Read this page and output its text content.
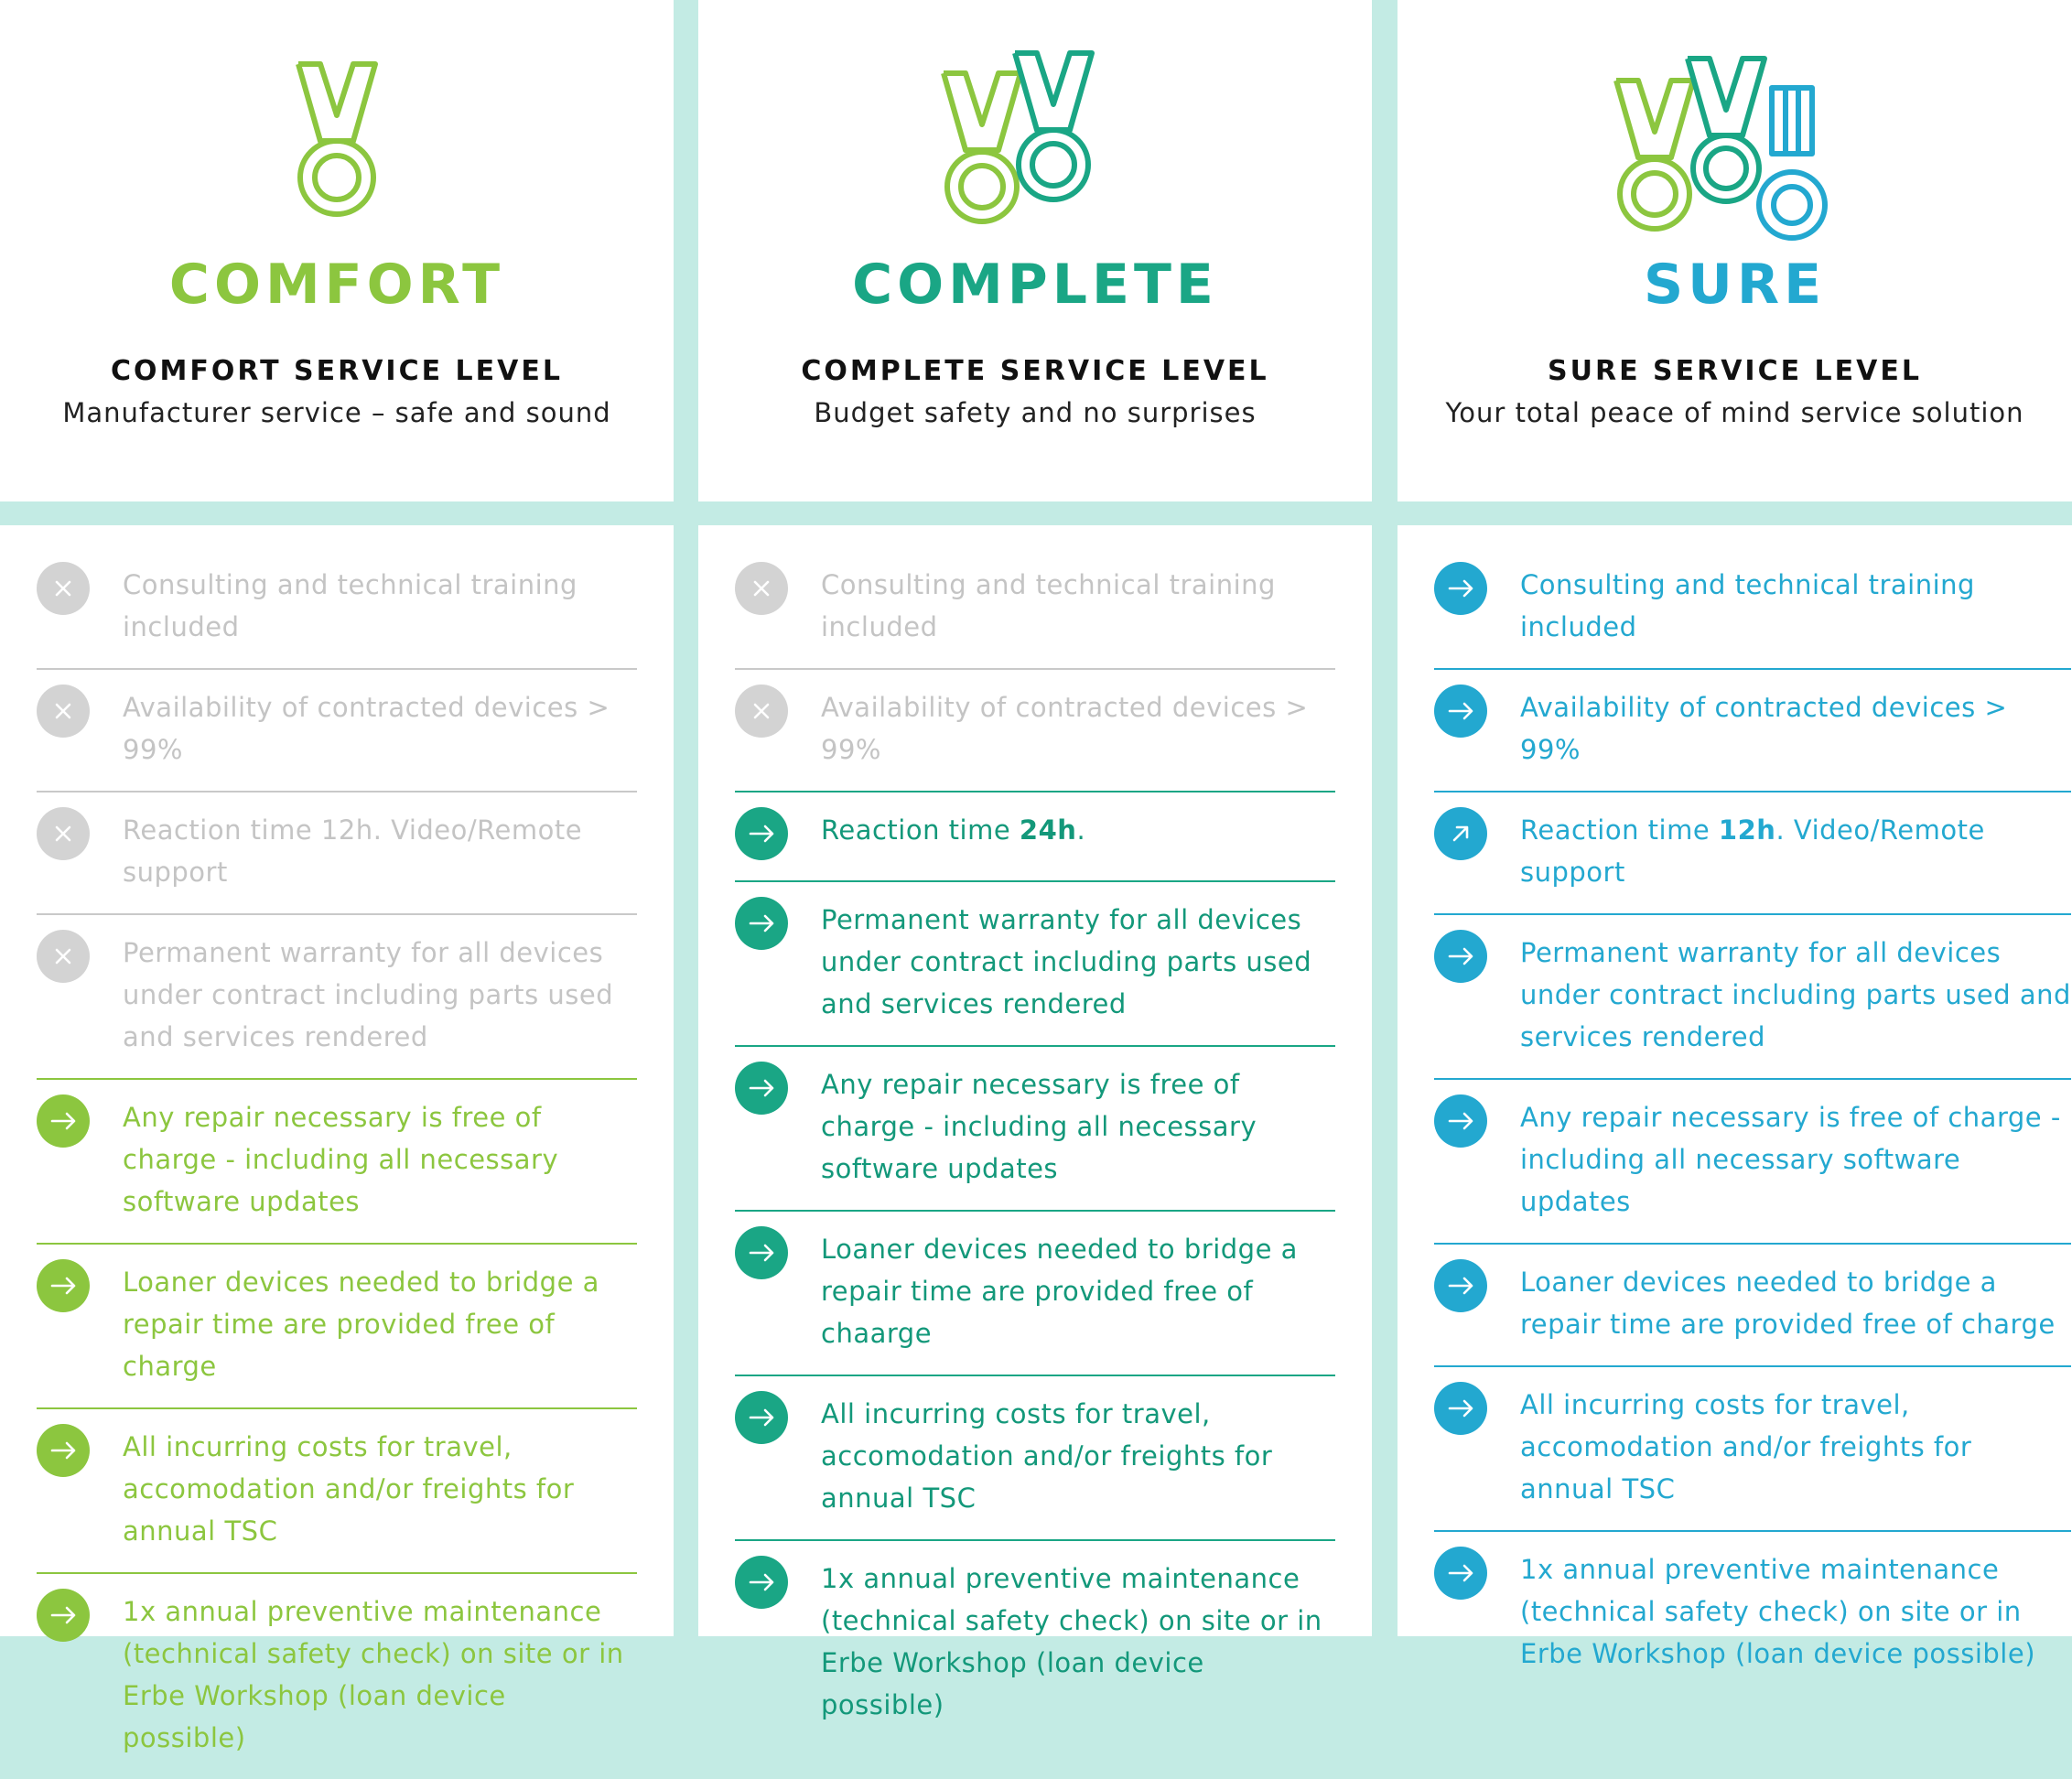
COMFORT
COMFORT SERVICE LEVEL
Manufacturer service – safe and sound
COMPLETE
COMPLETE SERVICE LEVEL
Budget safety and no surprises
SURE
SURE SERVICE LEVEL
Your total peace of mind service solution
Consulting and technical training included
Availability of contracted devices > 99%
Reaction time 12h. Video/Remote support
Permanent warranty for all devices under contract including parts used and services rendered
Any repair necessary is free of charge - including all necessary software updates
Loaner devices needed to bridge a repair time are provided free of charge
All incurring costs for travel, accomodation and/or freights for annual TSC
1x annual preventive maintenance (technical safety check) on site or in Erbe Workshop (loan device possible)
Consulting and technical training included
Availability of contracted devices > 99%
Reaction time 24h.
Permanent warranty for all devices under contract including parts used and services rendered
Any repair necessary is free of charge - including all necessary software updates
Loaner devices needed to bridge a repair time are provided free of chaarge
All incurring costs for travel, accomodation and/or freights for annual TSC
1x annual preventive maintenance (technical safety check) on site or in Erbe Workshop (loan device possible)
Consulting and technical training included
Availability of contracted devices > 99%
Reaction time 12h. Video/Remote support
Permanent warranty for all devices under contract including parts used and services rendered
Any repair necessary is free of charge - including all necessary software updates
Loaner devices needed to bridge a repair time are provided free of charge
All incurring costs for travel, accomodation and/or freights for annual TSC
1x annual preventive maintenance (technical safety check) on site or in Erbe Workshop (loan device possible)
